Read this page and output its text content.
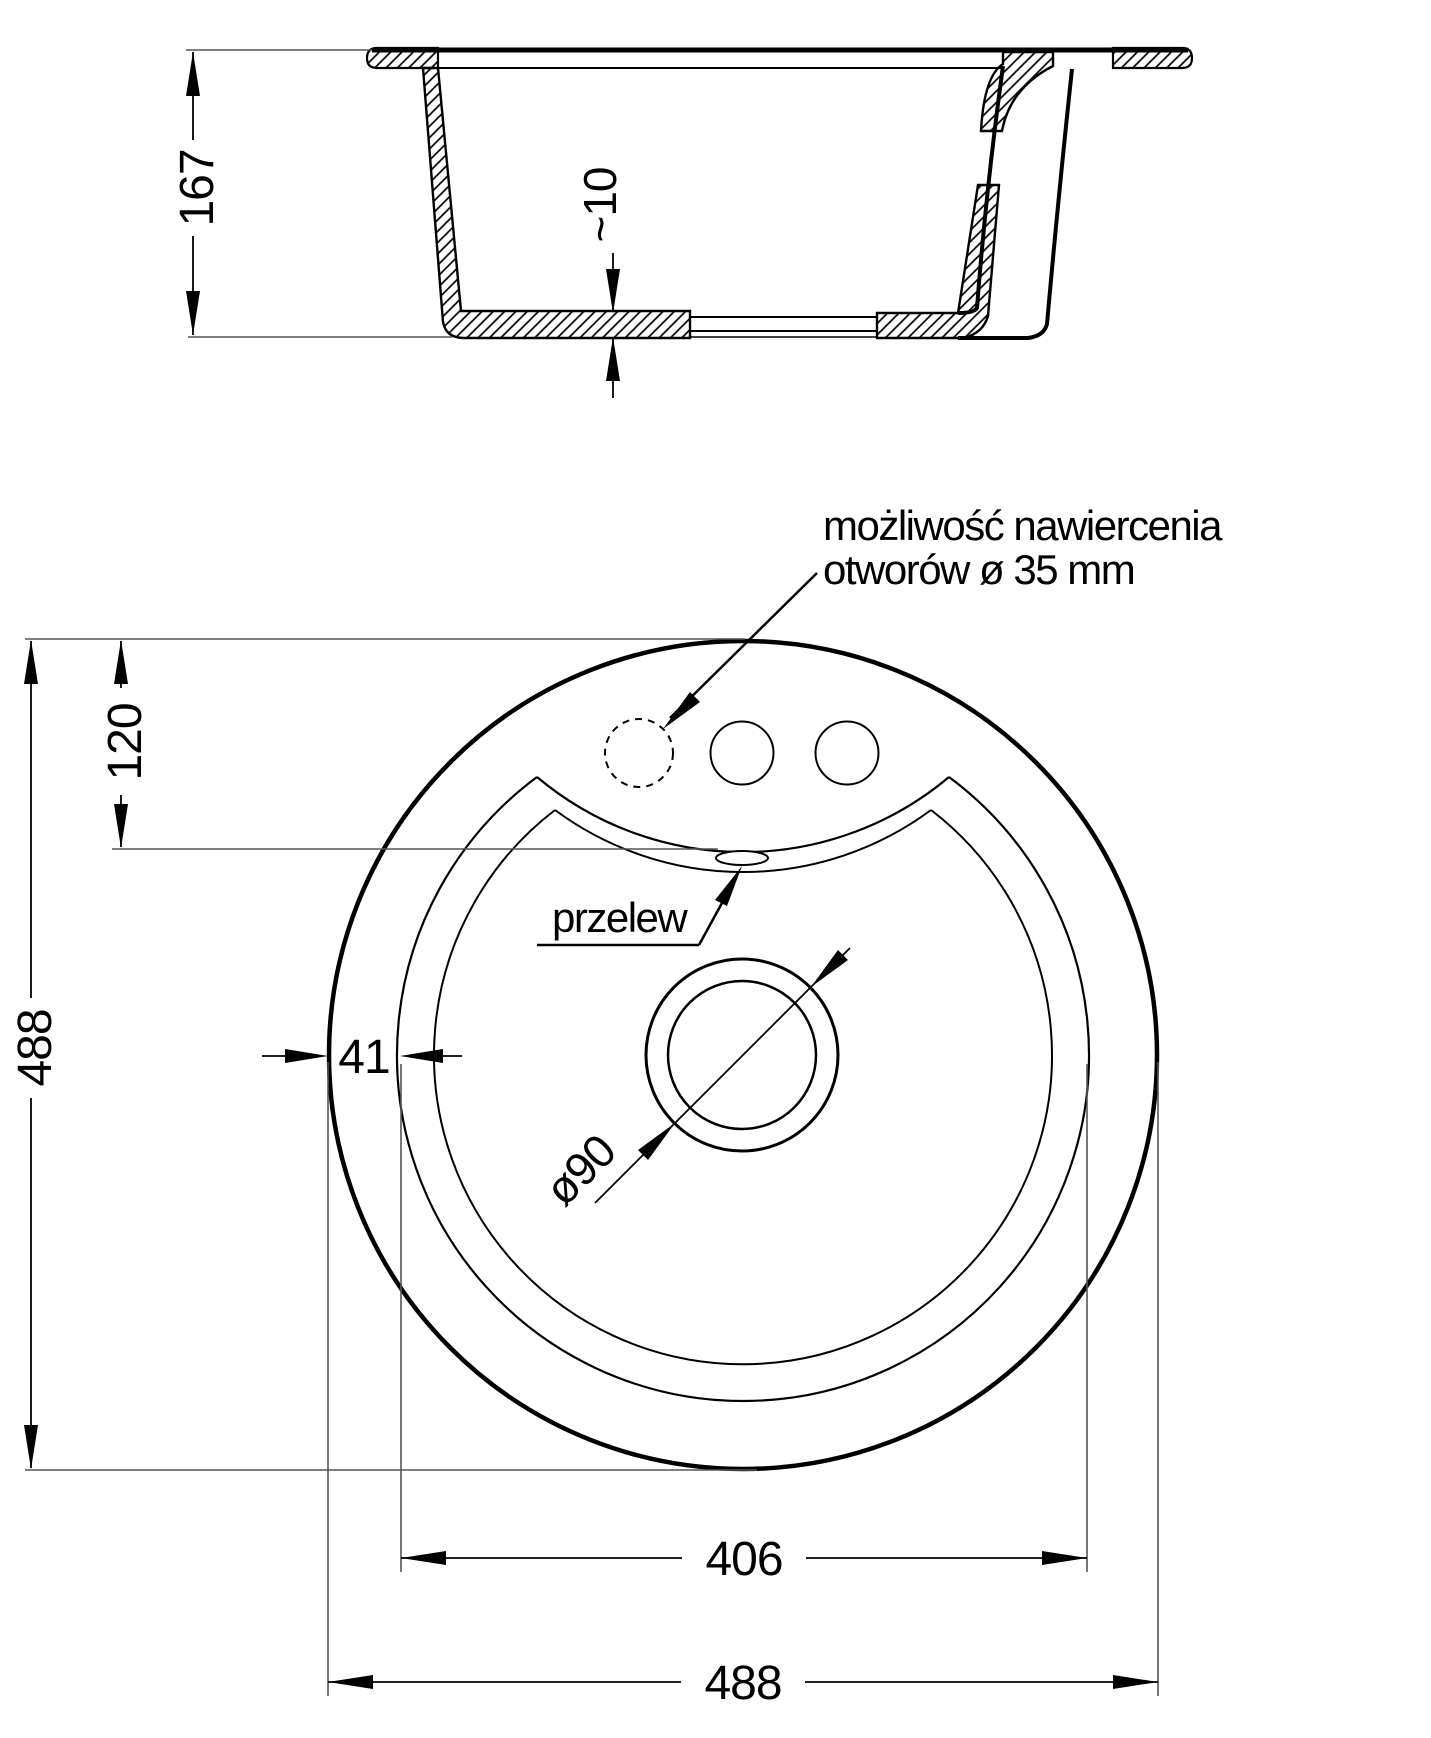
167	~10
120
488	41
ø90
406
488
możliwość nawiercenia
otworów ø 35 mm
przelew
